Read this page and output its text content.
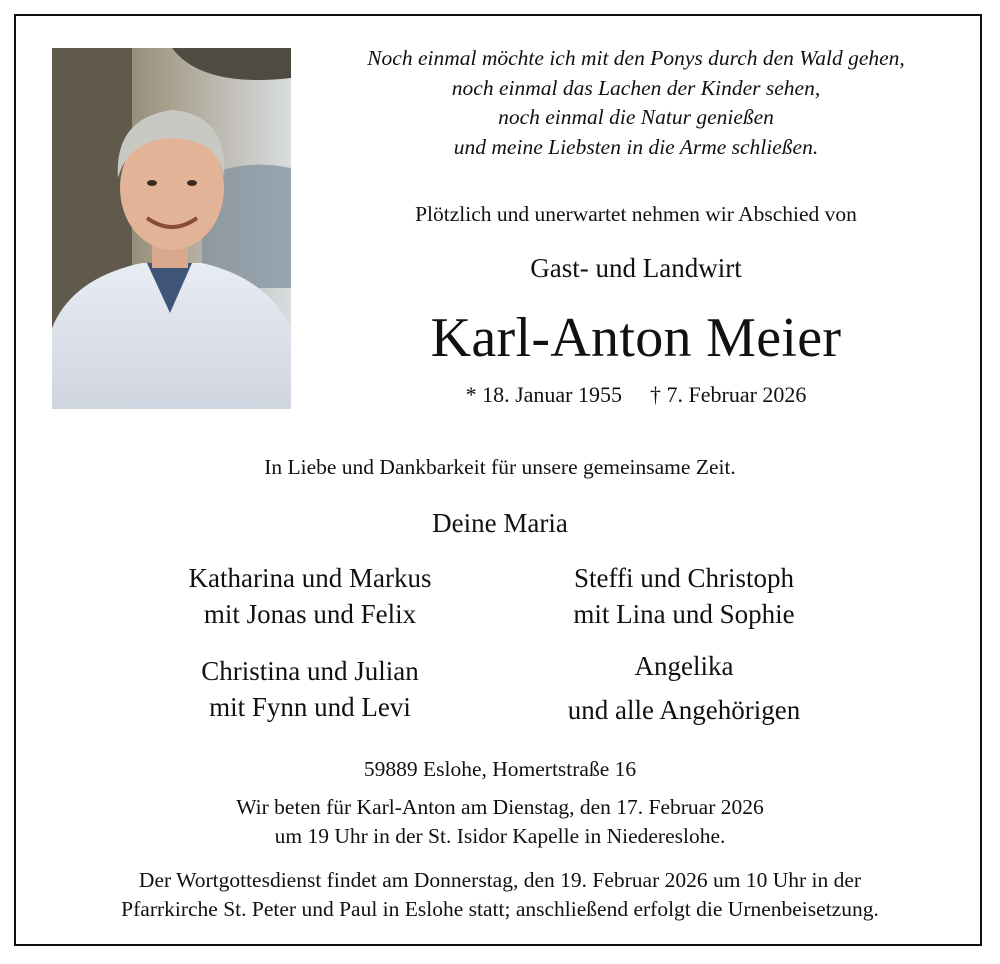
Noch einmal möchte ich mit den Ponys durch den Wald gehen,
noch einmal das Lachen der Kinder sehen,
noch einmal die Natur genießen
und meine Liebsten in die Arme schließen.
Plötzlich und unerwartet nehmen wir Abschied von
Gast- und Landwirt
Karl-Anton Meier
* 18. Januar 1955 † 7. Februar 2026
In Liebe und Dankbarkeit für unsere gemeinsame Zeit.
Deine Maria
Katharina und Markus
mit Jonas und Felix
Steffi und Christoph
mit Lina und Sophie
Christina und Julian
mit Fynn und Levi
Angelika
und alle Angehörigen
59889 Eslohe, Homertstraße 16
Wir beten für Karl-Anton am Dienstag, den 17. Februar 2026
um 19 Uhr in der St. Isidor Kapelle in Niedereslohe.
Der Wortgottesdienst findet am Donnerstag, den 19. Februar 2026 um 10 Uhr in der
Pfarrkirche St. Peter und Paul in Eslohe statt; anschließend erfolgt die Urnenbeisetzung.
